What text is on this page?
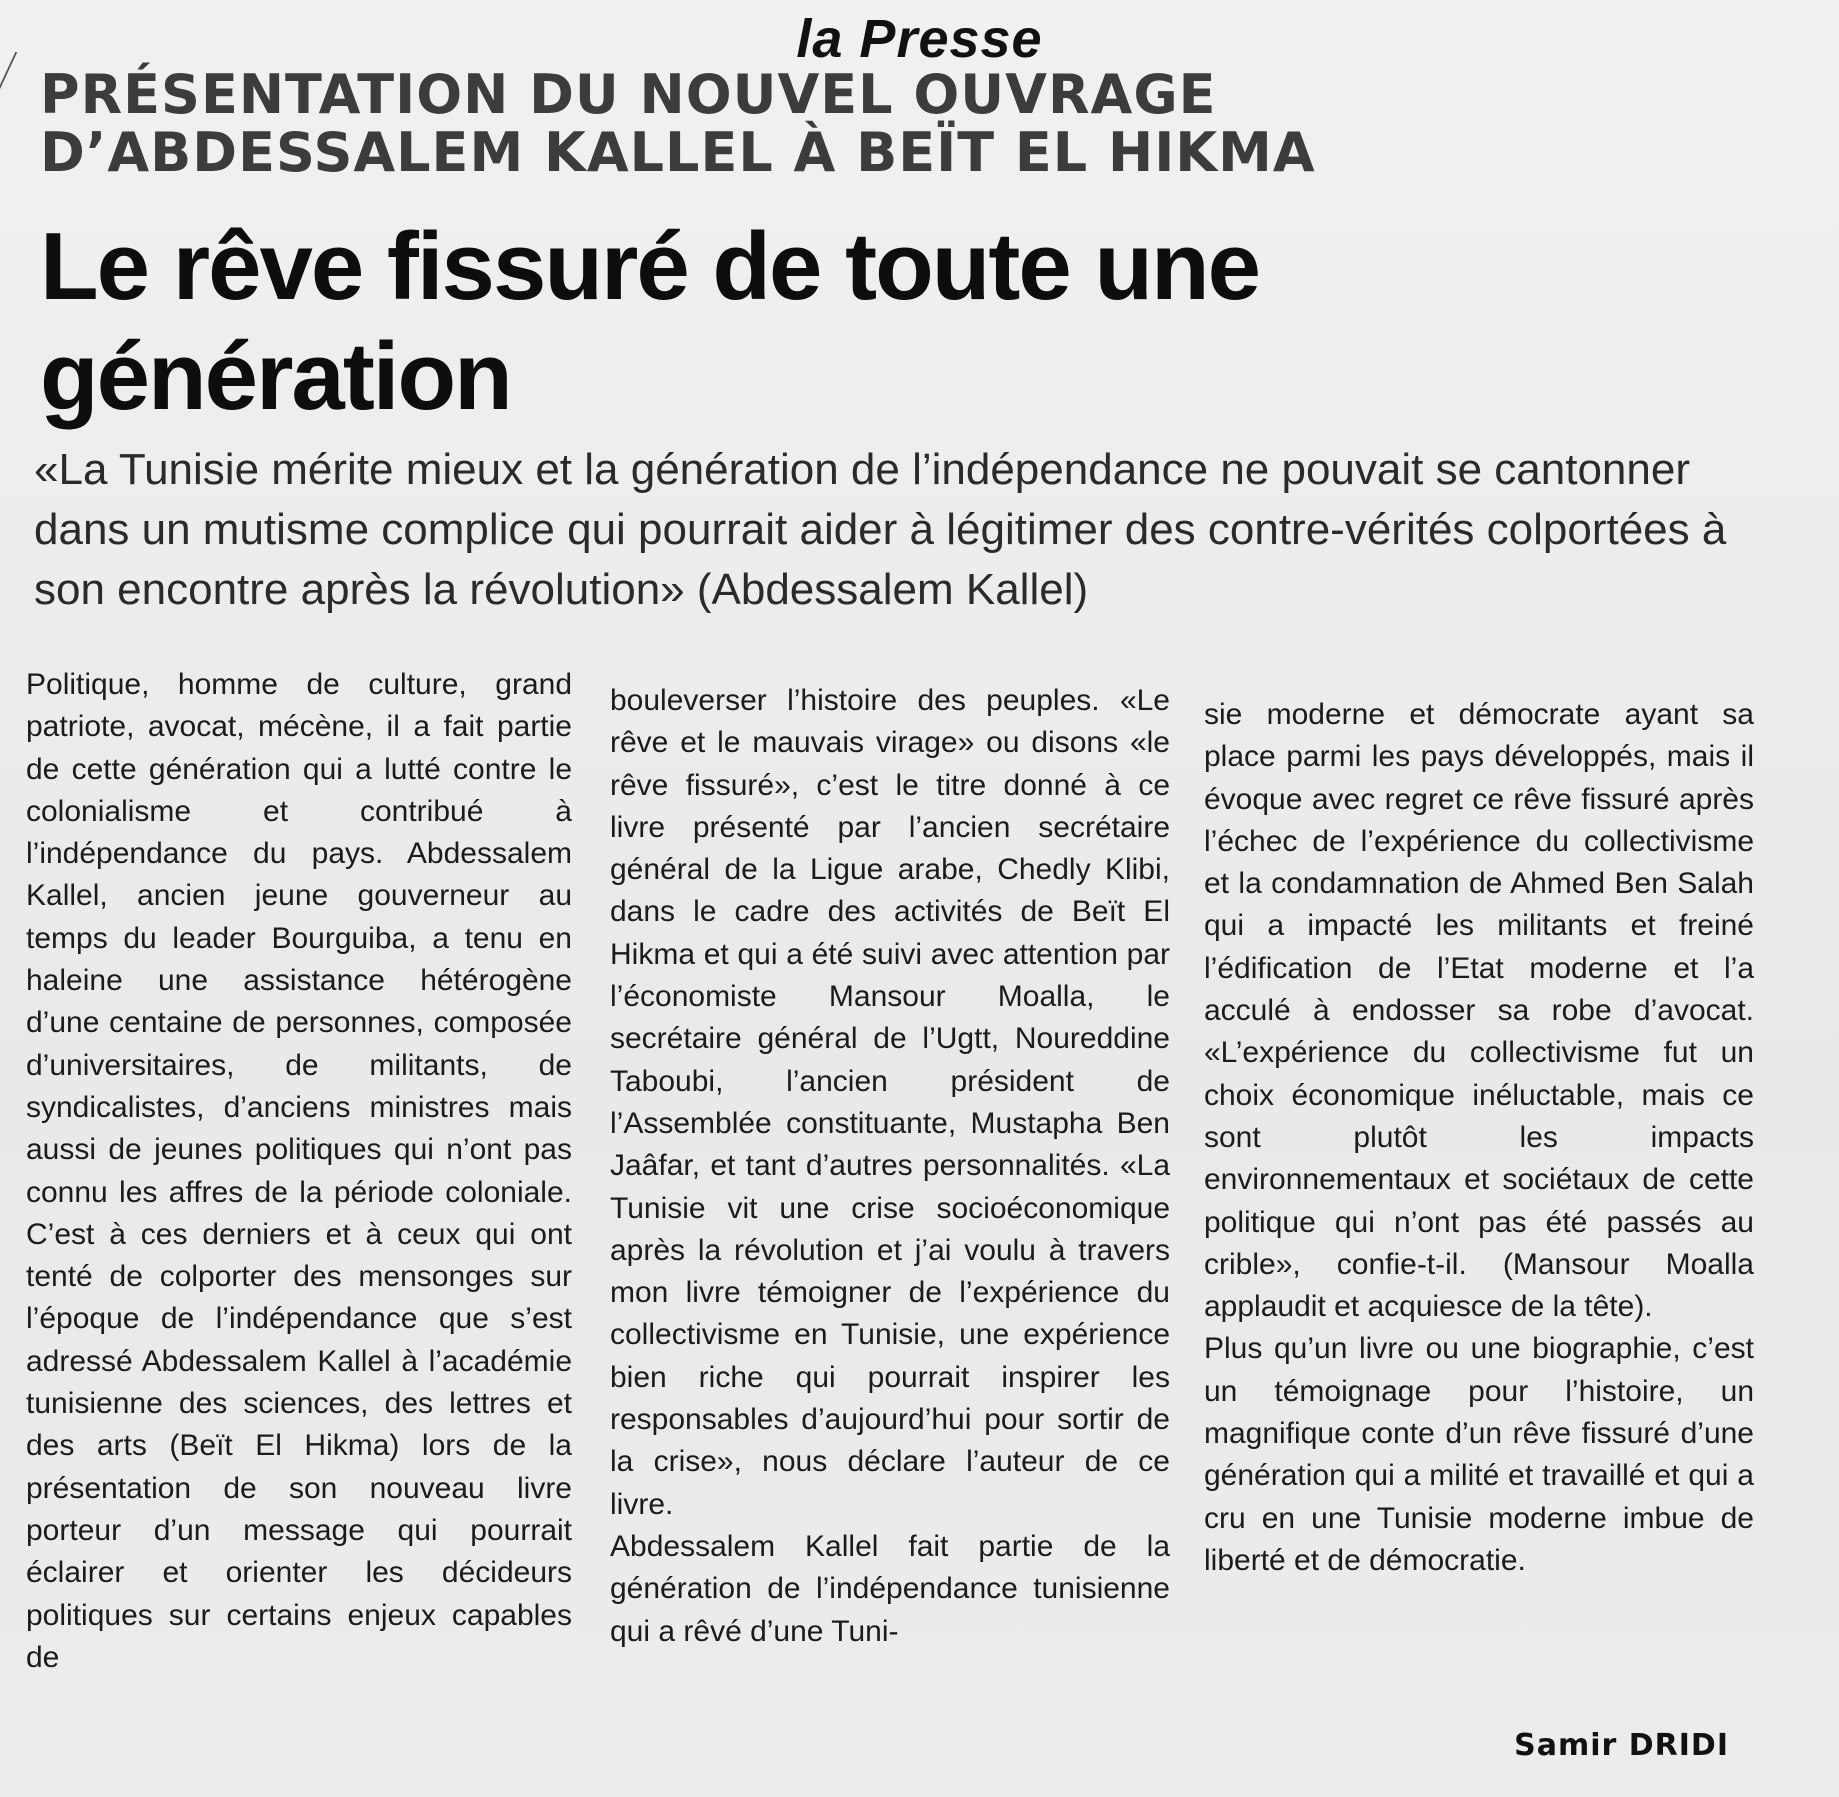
la Presse
PRÉSENTATION DU NOUVEL OUVRAGE D’ABDESSALEM KALLEL À BEÏT EL HIKMA
Le rêve fissuré de toute une génération
«La Tunisie mérite mieux et la génération de l’indépendance ne pouvait se cantonner dans un mutisme complice qui pourrait aider à légitimer des contre-vérités colportées à son encontre après la révolution» (Abdessalem Kallel)

Politique, homme de culture, grand patriote, avocat, mécène, il a fait partie de cette génération qui a lutté contre le colonialisme et contribué à l’indépendance du pays. Abdessalem Kallel, ancien jeune gouverneur au temps du leader Bourguiba, a tenu en haleine une assistance hétérogène d’une centaine de personnes, composée d’universitaires, de militants, de syndicalistes, d’anciens ministres mais aussi de jeunes politiques qui n’ont pas connu les affres de la période coloniale. C’est à ces derniers et à ceux qui ont tenté de colporter des mensonges sur l’époque de l’indépendance que s’est adressé Abdessalem Kallel à l’académie tunisienne des sciences, des lettres et des arts (Beït El Hikma) lors de la présentation de son nouveau livre porteur d’un message qui pourrait éclairer et orienter les décideurs politiques sur certains enjeux capables de

bouleverser l’histoire des peuples. «Le rêve et le mauvais virage» ou disons «le rêve fissuré», c’est le titre donné à ce livre présenté par l’ancien secrétaire général de la Ligue arabe, Chedly Klibi, dans le cadre des activités de Beït El Hikma et qui a été suivi avec attention par l’économiste Mansour Moalla, le secrétaire général de l’Ugtt, Noureddine Taboubi, l’ancien président de l’Assemblée constituante, Mustapha Ben Jaâfar, et tant d’autres personnalités. «La Tunisie vit une crise socioéconomique après la révolution et j’ai voulu à travers mon livre témoigner de l’expérience du collectivisme en Tunisie, une expérience bien riche qui pourrait inspirer les responsables d’aujourd’hui pour sortir de la crise», nous déclare l’auteur de ce livre.

Abdessalem Kallel fait partie de la génération de l’indépendance tunisienne qui a rêvé d’une Tuni-

sie moderne et démocrate ayant sa place parmi les pays développés, mais il évoque avec regret ce rêve fissuré après l’échec de l’expérience du collectivisme et la condamnation de Ahmed Ben Salah qui a impacté les militants et freiné l’édification de l’Etat moderne et l’a acculé à endosser sa robe d’avocat. «L’expérience du collectivisme fut un choix économique inéluctable, mais ce sont plutôt les impacts environnementaux et sociétaux de cette politique qui n’ont pas été passés au crible», confie-t-il. (Mansour Moalla applaudit et acquiesce de la tête).

Plus qu’un livre ou une biographie, c’est un témoignage pour l’histoire, un magnifique conte d’un rêve fissuré d’une génération qui a milité et travaillé et qui a cru en une Tunisie moderne imbue de liberté et de démocratie.

Samir DRIDI
